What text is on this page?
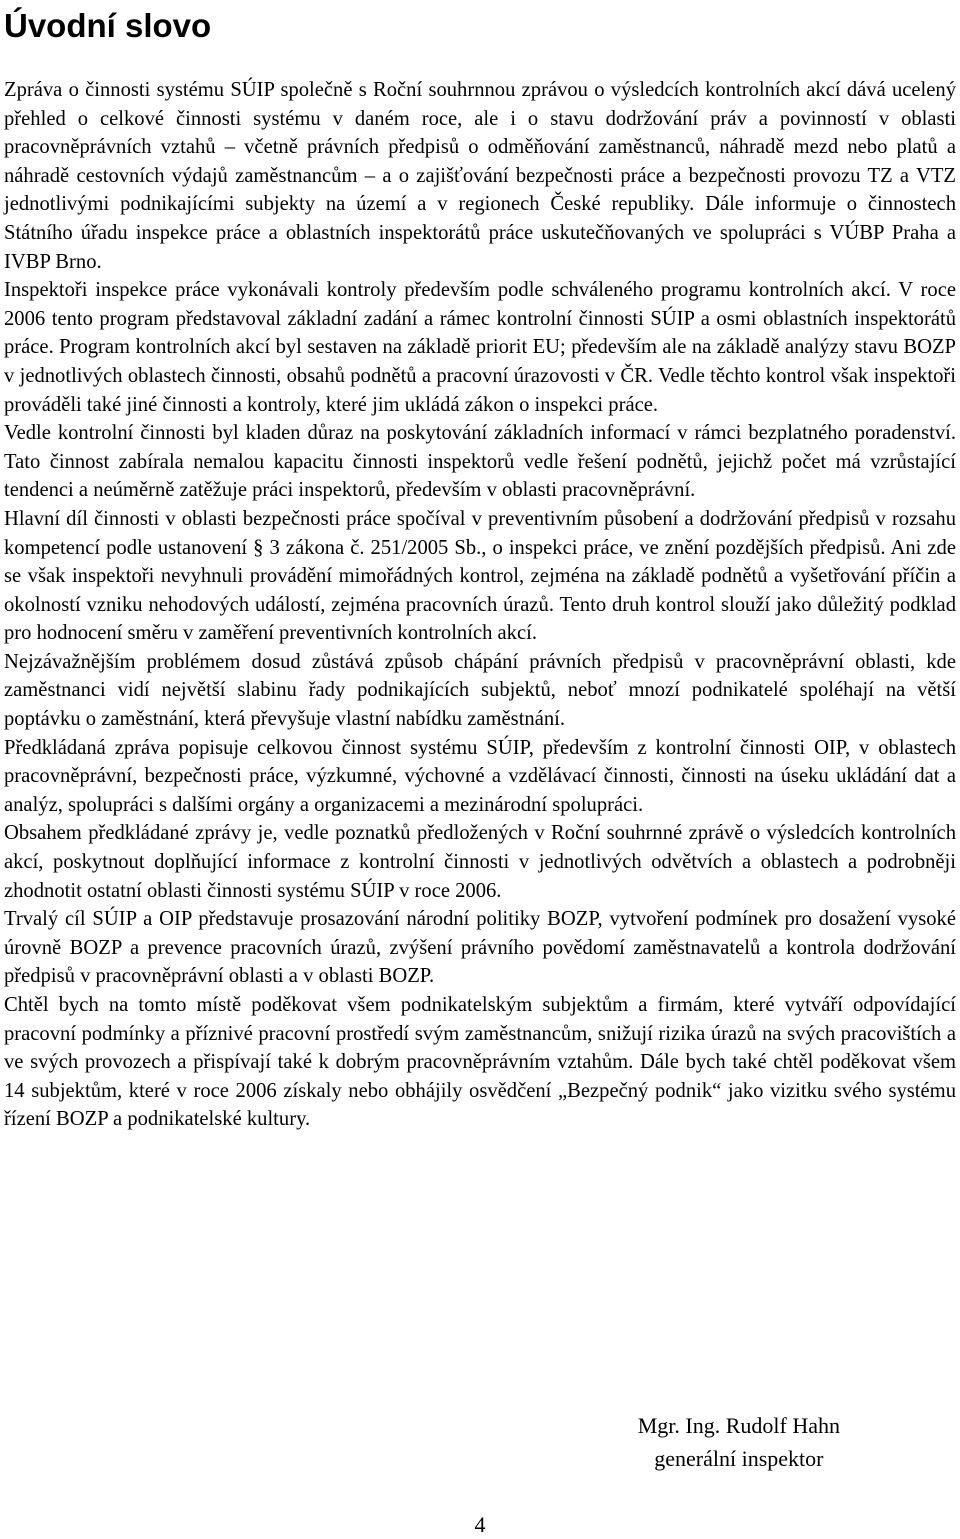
Úvodní slovo

Zpráva o činnosti systému SÚIP společně s Roční souhrnnou zprávou o výsledcích kontrolních akcí dává ucelený přehled o celkové činnosti systému v daném roce, ale i o stavu dodržování práv a povinností v oblasti pracovněprávních vztahů – včetně právních předpisů o odměňování zaměstnanců, náhradě mezd nebo platů a náhradě cestovních výdajů zaměstnancům – a o zajišťování bezpečnosti práce a bezpečnosti provozu TZ a VTZ jednotlivými podnikajícími subjekty na území a v regionech České republiky. Dále informuje o činnostech Státního úřadu inspekce práce a oblastních inspektorátů práce uskutečňovaných ve spolupráci s VÚBP Praha a IVBP Brno.

Inspektoři inspekce práce vykonávali kontroly především podle schváleného programu kontrolních akcí. V roce 2006 tento program představoval základní zadání a rámec kontrolní činnosti SÚIP a osmi oblastních inspektorátů práce. Program kontrolních akcí byl sestaven na základě priorit EU; především ale na základě analýzy stavu BOZP v jednotlivých oblastech činnosti, obsahů podnětů a pracovní úrazovosti v ČR. Vedle těchto kontrol však inspektoři prováděli také jiné činnosti a kontroly, které jim ukládá zákon o inspekci práce.

Vedle kontrolní činnosti byl kladen důraz na poskytování základních informací v rámci bezplatného poradenství. Tato činnost zabírala nemalou kapacitu činnosti inspektorů vedle řešení podnětů, jejichž počet má vzrůstající tendenci a neúměrně zatěžuje práci inspektorů, především v oblasti pracovněprávní.

Hlavní díl činnosti v oblasti bezpečnosti práce spočíval v preventivním působení a dodržování předpisů v rozsahu kompetencí podle ustanovení § 3 zákona č. 251/2005 Sb., o inspekci práce, ve znění pozdějších předpisů. Ani zde se však inspektoři nevyhnuli provádění mimořádných kontrol, zejména na základě podnětů a vyšetřování příčin a okolností vzniku nehodových událostí, zejména pracovních úrazů. Tento druh kontrol slouží jako důležitý podklad pro hodnocení směru v zaměření preventivních kontrolních akcí.

Nejzávažnějším problémem dosud zůstává způsob chápání právních předpisů v pracovněprávní oblasti, kde zaměstnanci vidí největší slabinu řady podnikajících subjektů, neboť mnozí podnikatelé spoléhají na větší poptávku o zaměstnání, která převyšuje vlastní nabídku zaměstnání.

Předkládaná zpráva popisuje celkovou činnost systému SÚIP, především z kontrolní činnosti OIP, v oblastech pracovněprávní, bezpečnosti práce, výzkumné, výchovné a vzdělávací činnosti, činnosti na úseku ukládání dat a analýz, spolupráci s dalšími orgány a organizacemi a mezinárodní spolupráci.

Obsahem předkládané zprávy je, vedle poznatků předložených v Roční souhrnné zprávě o výsledcích kontrolních akcí, poskytnout doplňující informace z kontrolní činnosti v jednotlivých odvětvích a oblastech a podrobněji zhodnotit ostatní oblasti činnosti systému SÚIP v roce 2006.

Trvalý cíl SÚIP a OIP představuje prosazování národní politiky BOZP, vytvoření podmínek pro dosažení vysoké úrovně BOZP a prevence pracovních úrazů, zvýšení právního povědomí zaměstnavatelů a kontrola dodržování předpisů v pracovněprávní oblasti a v oblasti BOZP.

Chtěl bych na tomto místě poděkovat všem podnikatelským subjektům a firmám, které vytváří odpovídající pracovní podmínky a příznivé pracovní prostředí svým zaměstnancům, snižují rizika úrazů na svých pracovištích a ve svých provozech a přispívají také k dobrým pracovněprávním vztahům. Dále bych také chtěl poděkovat všem 14 subjektům, které v roce 2006 získaly nebo obhájily osvědčení „Bezpečný podnik“ jako vizitku svého systému řízení BOZP a podnikatelské kultury.

Mgr. Ing. Rudolf Hahn
generální inspektor
4
